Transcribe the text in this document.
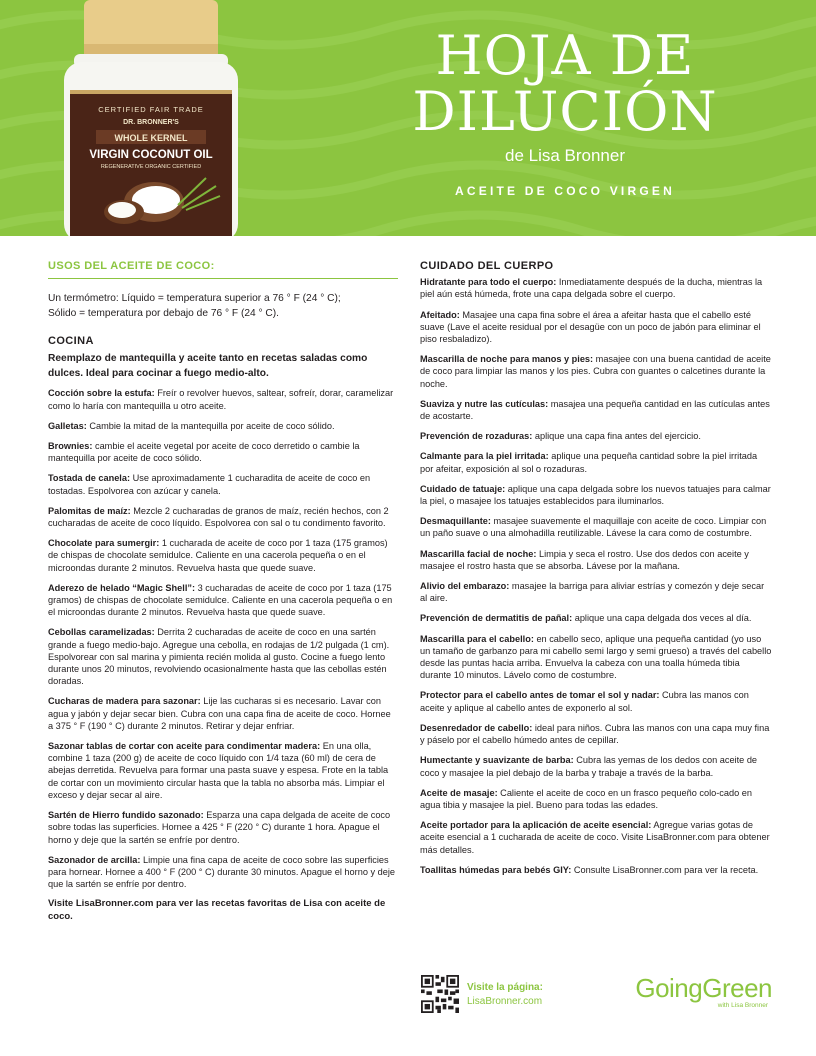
CERTIFIED FAIR TRADE
DR. BRONNER'S
WHOLE KERNEL
VIRGIN COCONUT OIL
REGENERATIVE ORGANIC CERTIFIED
HOJA DE
DILUCIÓN
de Lisa Bronner
ACEITE DE COCO VIRGEN
USOS DEL ACEITE DE COCO:
Un termómetro: Líquido = temperatura superior a 76 ° F (24 ° C);
Sólido = temperatura por debajo de 76 ° F (24 ° C).
COCINA
Reemplazo de mantequilla y aceite tanto en recetas saladas como dulces. Ideal para cocinar a fuego medio-alto.

Cocción sobre la estufa: Freír o revolver huevos, saltear, sofreír, dorar, caramelizar como lo haría con mantequilla u otro aceite.

Galletas: Cambie la mitad de la mantequilla por aceite de coco sólido.

Brownies: cambie el aceite vegetal por aceite de coco derretido o cambie la mantequilla por aceite de coco sólido.

Tostada de canela: Use aproximadamente 1 cucharadita de aceite de coco en tostadas. Espolvorea con azúcar y canela.

Palomitas de maíz: Mezcle 2 cucharadas de granos de maíz, recién hechos, con 2 cucharadas de aceite de coco líquido. Espolvorea con sal o tu condimento favorito.

Chocolate para sumergir: 1 cucharada de aceite de coco por 1 taza (175 gramos) de chispas de chocolate semidulce. Caliente en una cacerola pequeña o en el microondas durante 2 minutos. Revuelva hasta que quede suave.

Aderezo de helado “Magic Shell”: 3 cucharadas de aceite de coco por 1 taza (175 gramos) de chispas de chocolate semidulce. Caliente en una cacerola pequeña o en el microondas durante 2 minutos. Revuelva hasta que quede suave.

Cebollas caramelizadas: Derrita 2 cucharadas de aceite de coco en una sartén grande a fuego medio-bajo. Agregue una cebolla, en rodajas de 1/2 pulgada (1 cm). Espolvorear con sal marina y pimienta recién molida al gusto. Cocine a fuego lento durante unos 20 minutos, revolviendo ocasionalmente hasta que las cebollas estén doradas.

Cucharas de madera para sazonar: Lije las cucharas si es necesario. Lavar con agua y jabón y dejar secar bien. Cubra con una capa fina de aceite de coco. Hornee a 375 ° F (190 ° C) durante 2 minutos. Retirar y dejar enfriar.

Sazonar tablas de cortar con aceite para condimentar madera: En una olla, combine 1 taza (200 g) de aceite de coco líquido con 1/4 taza (60 ml) de cera de abejas derretida. Revuelva para formar una pasta suave y espesa. Frote en la tabla de cortar con un movimiento circular hasta que la tabla no absorba más. Limpiar el exceso y dejar secar al aire.

Sartén de Hierro fundido sazonado: Esparza una capa delgada de aceite de coco sobre todas las superficies. Hornee a 425 ° F (220 ° C) durante 1 hora. Apague el horno y deje que la sartén se enfríe por dentro.

Sazonador de arcilla: Limpie una fina capa de aceite de coco sobre las superficies para hornear. Hornee a 400 ° F (200 ° C) durante 30 minutos. Apague el horno y deje que la sartén se enfríe por dentro.

Visite LisaBronner.com para ver las recetas favoritas de Lisa con aceite de coco.
CUIDADO DEL CUERPO

Hidratante para todo el cuerpo: Inmediatamente después de la ducha, mientras la piel aún está húmeda, frote una capa delgada sobre el cuerpo.

Afeitado: Masajee una capa fina sobre el área a afeitar hasta que el cabello esté suave (Lave el aceite residual por el desagüe con un poco de jabón para eliminar el piso resbaladizo).

Mascarilla de noche para manos y pies: masajee con una buena cantidad de aceite de coco para limpiar las manos y los pies. Cubra con guantes o calcetines durante la noche.

Suaviza y nutre las cutículas: masajea una pequeña cantidad en las cutículas antes de acostarte.

Prevención de rozaduras: aplique una capa fina antes del ejercicio.

Calmante para la piel irritada: aplique una pequeña cantidad sobre la piel irritada por afeitar, exposición al sol o rozaduras.

Cuidado de tatuaje: aplique una capa delgada sobre los nuevos tatuajes para calmar la piel, o masajee los tatuajes establecidos para iluminarlos.

Desmaquillante: masajee suavemente el maquillaje con aceite de coco. Limpiar con un paño suave o una almohadilla reutilizable. Lávese la cara como de costumbre.

Mascarilla facial de noche: Limpia y seca el rostro. Use dos dedos con aceite y masajee el rostro hasta que se absorba. Lávese por la mañana.

Alivio del embarazo: masajee la barriga para aliviar estrías y comezón y deje secar al aire.

Prevención de dermatitis de pañal: aplique una capa delgada dos veces al día.

Mascarilla para el cabello: en cabello seco, aplique una pequeña cantidad (yo uso un tamaño de garbanzo para mi cabello semi largo y semi grueso) a través del cabello desde las puntas hacia arriba. Envuelva la cabeza con una toalla húmeda tibia durante 10 minutos. Lávelo como de costumbre.

Protector para el cabello antes de tomar el sol y nadar: Cubra las manos con aceite y aplique al cabello antes de exponerlo al sol.

Desenredador de cabello: ideal para niños. Cubra las manos con una capa muy fina y páselo por el cabello húmedo antes de cepillar.

Humectante y suavizante de barba: Cubra las yemas de los dedos con aceite de coco y masajee la piel debajo de la barba y trabaje a través de la barba.

Aceite de masaje: Caliente el aceite de coco en un frasco pequeño colo-cado en agua tibia y masajee la piel. Bueno para todas las edades.

Aceite portador para la aplicación de aceite esencial: Agregue varias gotas de aceite esencial a 1 cucharada de aceite de coco. Visite LisaBronner.com para obtener más detalles.

Toallitas húmedas para bebés GIY: Consulte LisaBronner.com para ver la receta.

Visite la página:
LisaBronner.com	GoingGreen
with Lisa Bronner
